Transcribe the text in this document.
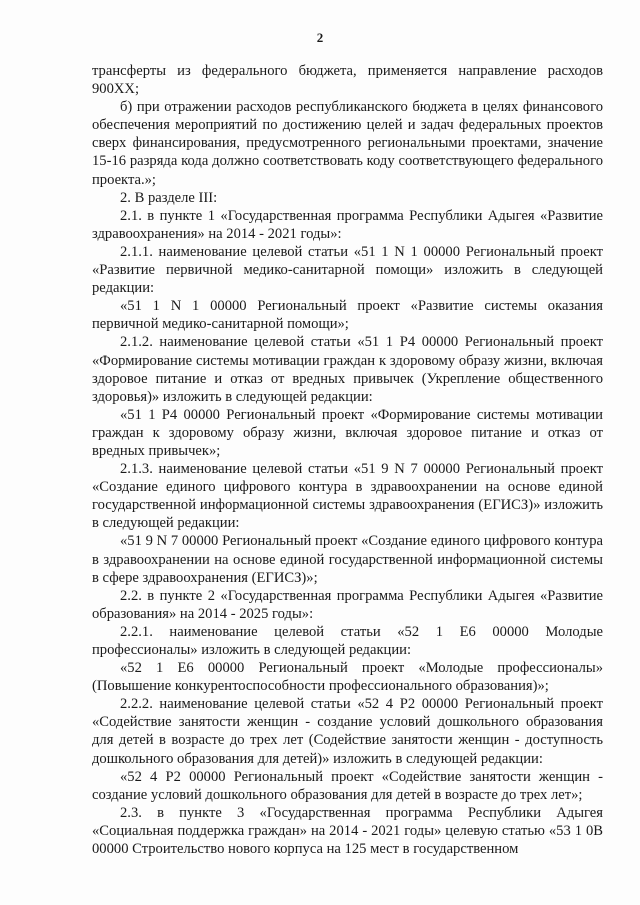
2

трансферты из федерального бюджета, применяется направление расходов 900ХХ;

б) при отражении расходов республиканского бюджета в целях финансового обеспечения мероприятий по достижению целей и задач федеральных проектов сверх финансирования, предусмотренного региональными проектами, значение 15-16 разряда кода должно соответствовать коду соответствующего федерального проекта.»;

2. В разделе III:

2.1. в пункте 1 «Государственная программа Республики Адыгея «Развитие здравоохранения» на 2014 - 2021 годы»:

2.1.1. наименование целевой статьи «51 1 N 1 00000 Региональный проект «Развитие первичной медико-санитарной помощи» изложить в следующей редакции:

«51 1 N 1 00000 Региональный проект «Развитие системы оказания первичной медико-санитарной помощи»;

2.1.2. наименование целевой статьи «51 1 Р4 00000 Региональный проект «Формирование системы мотивации граждан к здоровому образу жизни, включая здоровое питание и отказ от вредных привычек (Укрепление общественного здоровья)» изложить в следующей редакции:

«51 1 Р4 00000 Региональный проект «Формирование системы мотивации граждан к здоровому образу жизни, включая здоровое питание и отказ от вредных привычек»;

2.1.3. наименование целевой статьи «51 9 N 7 00000 Региональный проект «Создание единого цифрового контура в здравоохранении на основе единой государственной информационной системы здравоохранения (ЕГИСЗ)» изложить в следующей редакции:

«51 9 N 7 00000 Региональный проект «Создание единого цифрового контура в здравоохранении на основе единой государственной информационной системы в сфере здравоохранения (ЕГИСЗ)»;

2.2. в пункте 2 «Государственная программа Республики Адыгея «Развитие образования» на 2014 - 2025 годы»:

2.2.1. наименование целевой статьи «52 1 Е6 00000 Молодые профессионалы» изложить в следующей редакции:

«52 1 Е6 00000 Региональный проект «Молодые профессионалы» (Повышение конкурентоспособности профессионального образования)»;

2.2.2. наименование целевой статьи «52 4 Р2 00000 Региональный проект «Содействие занятости женщин - создание условий дошкольного образования для детей в возрасте до трех лет (Содействие занятости женщин - доступность дошкольного образования для детей)» изложить в следующей редакции:

«52 4 Р2 00000 Региональный проект «Содействие занятости женщин - создание условий дошкольного образования для детей в возрасте до трех лет»;

2.3. в пункте 3 «Государственная программа Республики Адыгея «Социальная поддержка граждан» на 2014 - 2021 годы» целевую статью «53 1 0В 00000 Строительство нового корпуса на 125 мест в государственном
